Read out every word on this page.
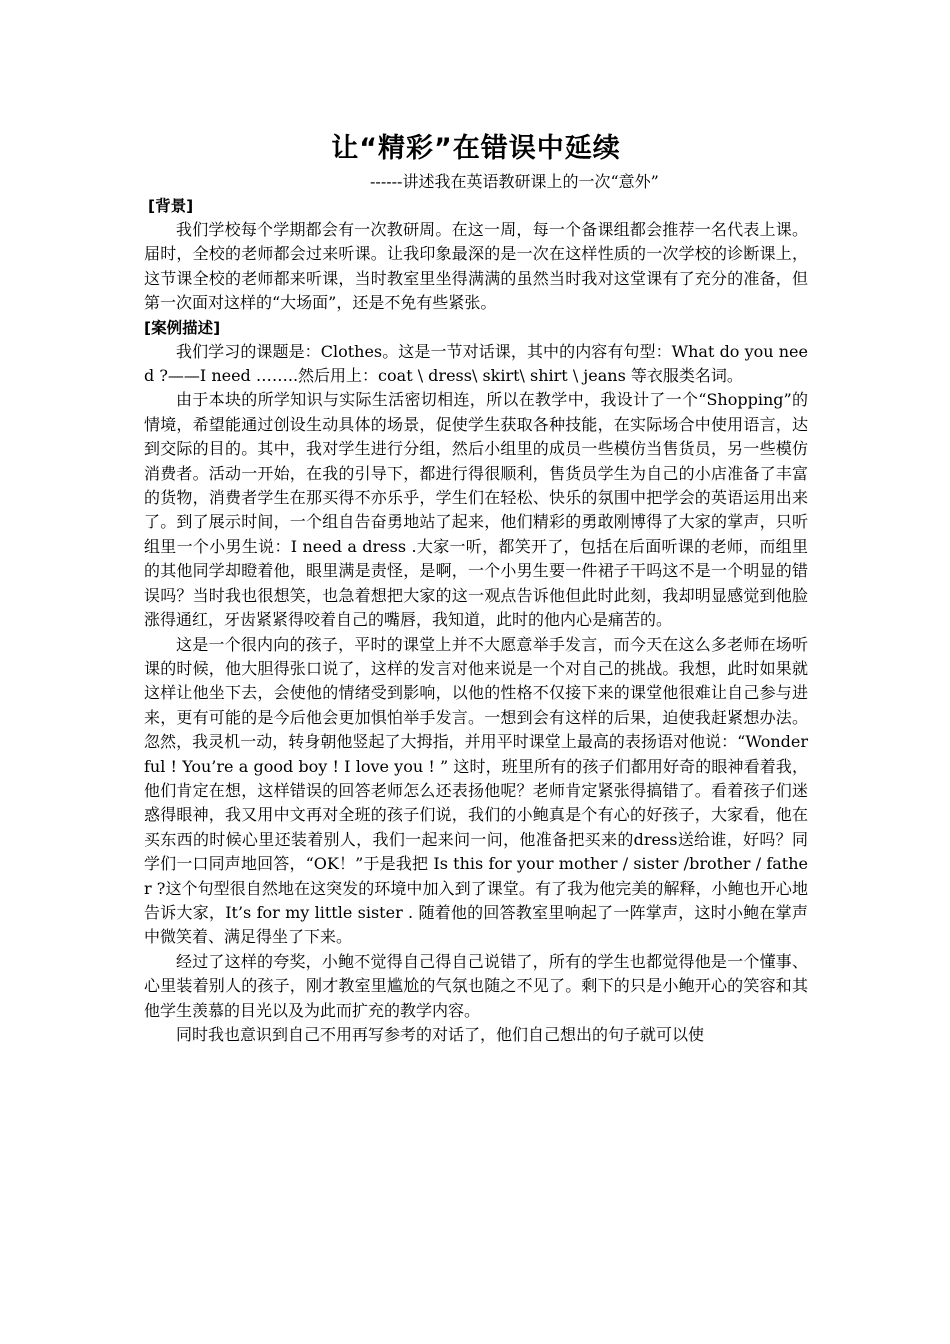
让“精彩”在错误中延续

------讲述我在英语教研课上的一次“意外”

[背景]

我们学校每个学期都会有一次教研周。在这一周，每一个备课组都会推荐一名代表上课。届时，全校的老师都会过来听课。让我印象最深的是一次在这样性质的一次学校的诊断课上，这节课全校的老师都来听课，当时教室里坐得满满的虽然当时我对这堂课有了充分的准备，但第一次面对这样的“大场面”，还是不免有些紧张。

[案例描述]

我们学习的课题是：Clothes。这是一节对话课，其中的内容有句型：What do you need ?——I need ……..然后用上：coat \ dress\ skirt\ shirt \ jeans 等衣服类名词。

由于本块的所学知识与实际生活密切相连，所以在教学中，我设计了一个“Shopping”的情境，希望能通过创设生动具体的场景，促使学生获取各种技能，在实际场合中使用语言，达到交际的目的。其中，我对学生进行分组，然后小组里的成员一些模仿当售货员，另一些模仿消费者。活动一开始，在我的引导下，都进行得很顺利，售货员学生为自己的小店准备了丰富的货物，消费者学生在那买得不亦乐乎，学生们在轻松、快乐的氛围中把学会的英语运用出来了。到了展示时间，一个组自告奋勇地站了起来，他们精彩的勇敢刚博得了大家的掌声，只听组里一个小男生说：I need a dress .大家一听，都笑开了，包括在后面听课的老师，而组里的其他同学却瞪着他，眼里满是责怪，是啊，一个小男生要一件裙子干吗这不是一个明显的错误吗？当时我也很想笑，也急着想把大家的这一观点告诉他但此时此刻，我却明显感觉到他脸涨得通红，牙齿紧紧得咬着自己的嘴唇，我知道，此时的他内心是痛苦的。

这是一个很内向的孩子，平时的课堂上并不大愿意举手发言，而今天在这么多老师在场听课的时候，他大胆得张口说了，这样的发言对他来说是一个对自己的挑战。我想，此时如果就这样让他坐下去，会使他的情绪受到影响，以他的性格不仅接下来的课堂他很难让自己参与进来，更有可能的是今后他会更加惧怕举手发言。一想到会有这样的后果，迫使我赶紧想办法。忽然，我灵机一动，转身朝他竖起了大拇指，并用平时课堂上最高的表扬语对他说：“Wonderful ! You’re a good boy ! I love you ! ” 这时，班里所有的孩子们都用好奇的眼神看着我，他们肯定在想，这样错误的回答老师怎么还表扬他呢？老师肯定紧张得搞错了。看着孩子们迷惑得眼神，我又用中文再对全班的孩子们说，我们的小鲍真是个有心的好孩子，大家看，他在买东西的时候心里还装着别人，我们一起来问一问，他准备把买来的dress送给谁，好吗？同学们一口同声地回答，“OK！”于是我把 Is this for your mother / sister /brother / father ?这个句型很自然地在这突发的环境中加入到了课堂。有了我为他完美的解释，小鲍也开心地告诉大家，It’s for my little sister . 随着他的回答教室里响起了一阵掌声，这时小鲍在掌声中微笑着、满足得坐了下来。

经过了这样的夸奖，小鲍不觉得自己得自己说错了，所有的学生也都觉得他是一个懂事、心里装着别人的孩子，刚才教室里尴尬的气氛也随之不见了。剩下的只是小鲍开心的笑容和其他学生羡慕的目光以及为此而扩充的教学内容。

同时我也意识到自己不用再写参考的对话了，他们自己想出的句子就可以使
